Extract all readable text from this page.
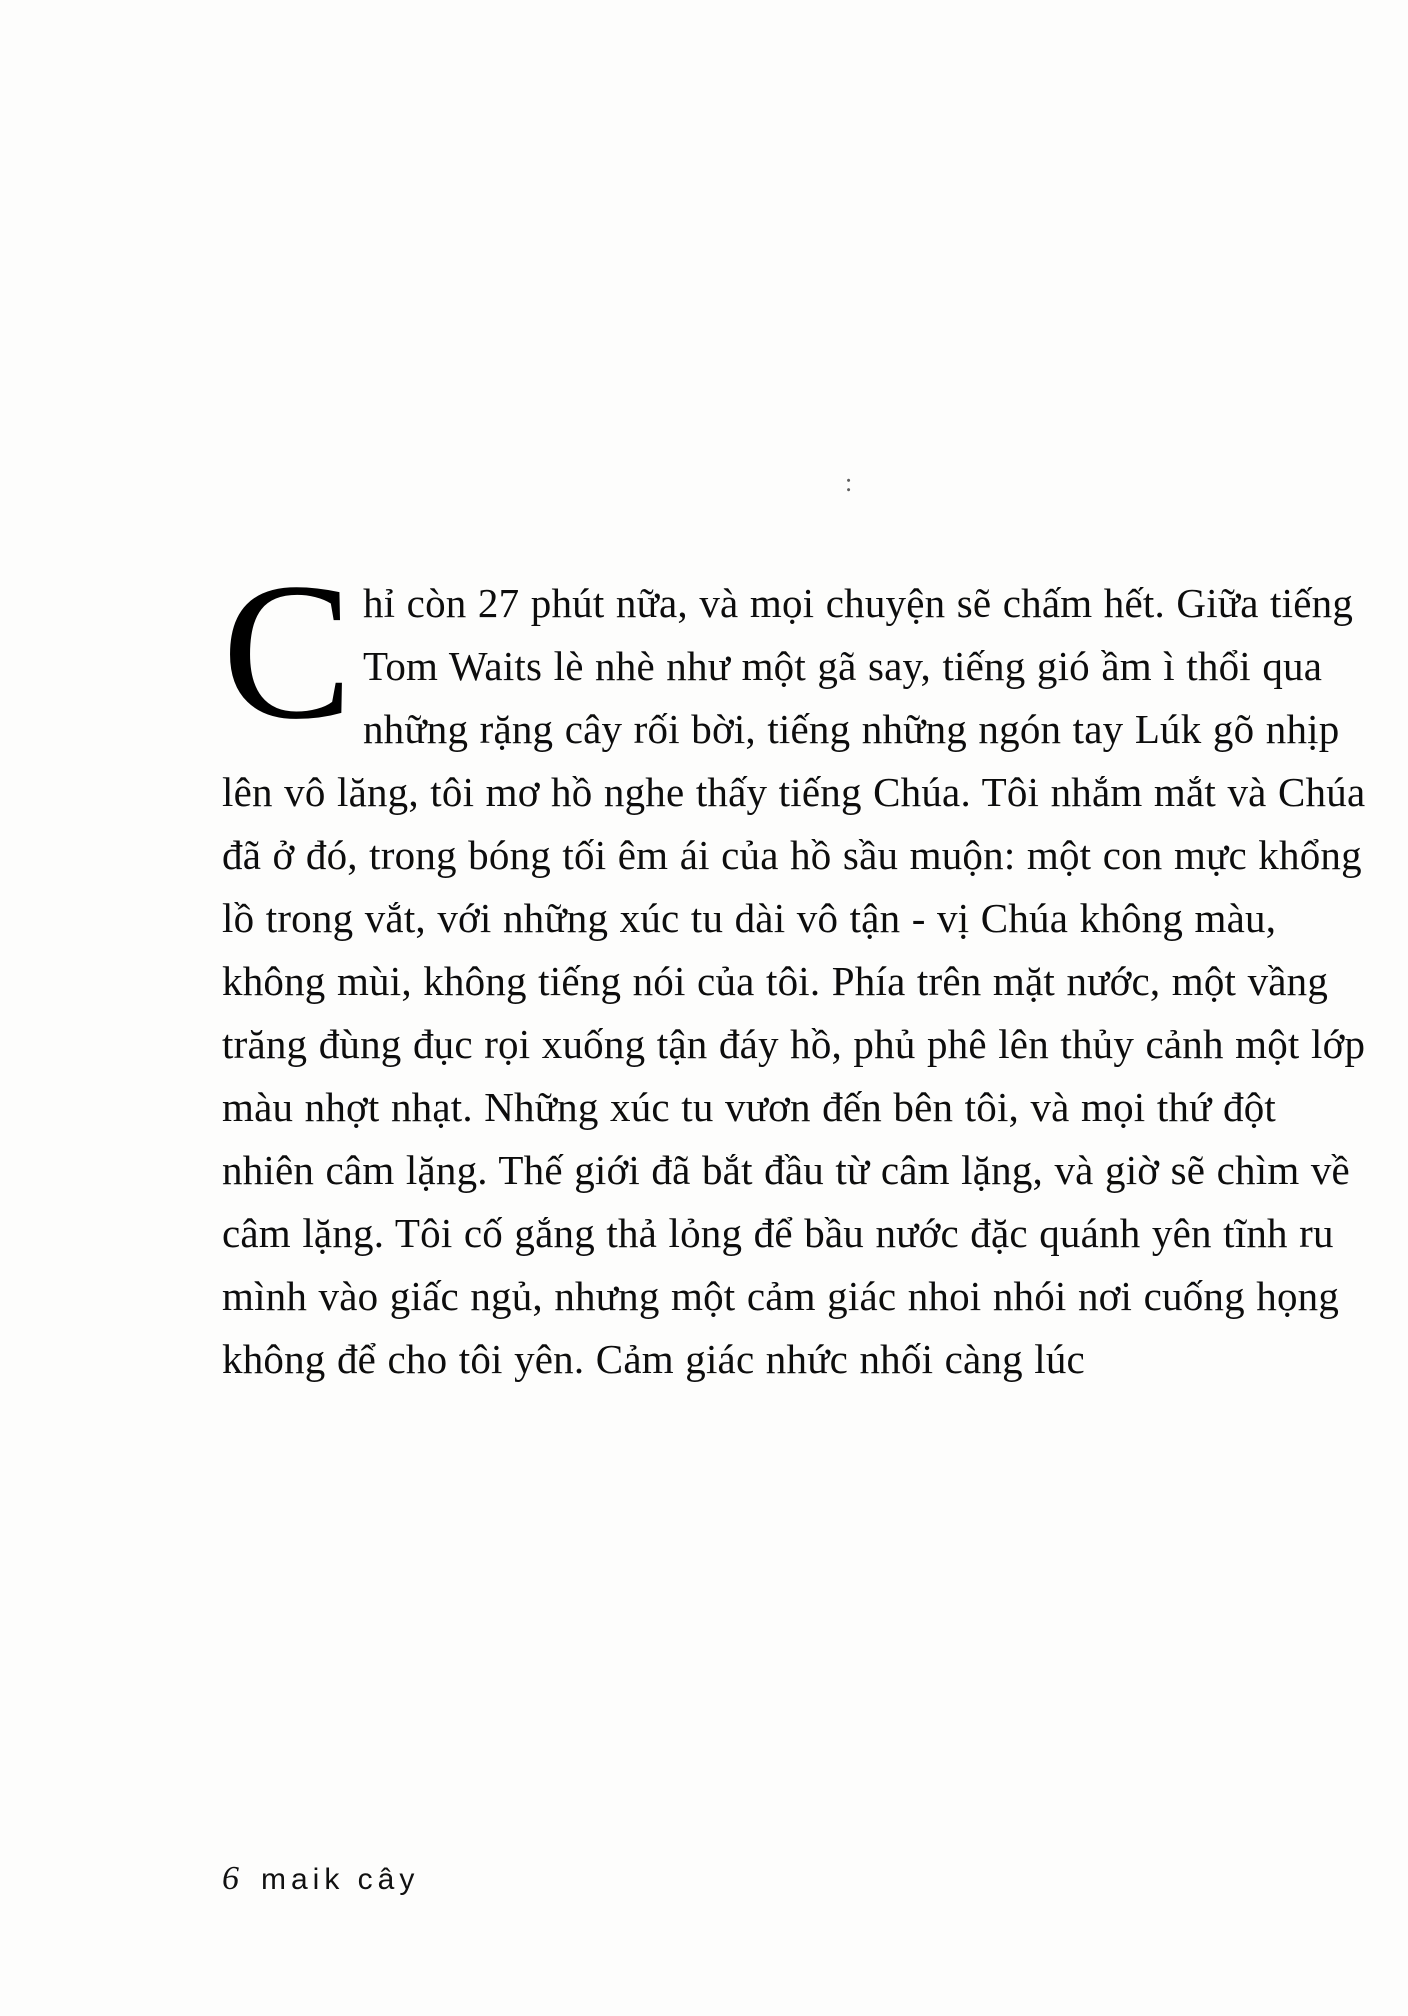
:
C hỉ còn 27 phút nữa, và mọi chuyện sẽ chấm hết. Giữa tiếng Tom Waits lè nhè như một gã say, tiếng gió ầm ì thổi qua những rặng cây rối bời, tiếng những ngón tay Lúk gõ nhịp lên vô lăng, tôi mơ hồ nghe thấy tiếng Chúa. Tôi nhắm mắt và Chúa đã ở đó, trong bóng tối êm ái của hồ sầu muộn: một con mực khổng lồ trong vắt, với những xúc tu dài vô tận - vị Chúa không màu, không mùi, không tiếng nói của tôi. Phía trên mặt nước, một vầng trăng đùng đục rọi xuống tận đáy hồ, phủ phê lên thủy cảnh một lớp màu nhợt nhạt. Những xúc tu vươn đến bên tôi, và mọi thứ đột nhiên câm lặng. Thế giới đã bắt đầu từ câm lặng, và giờ sẽ chìm về câm lặng. Tôi cố gắng thả lỏng để bầu nước đặc quánh yên tĩnh ru mình vào giấc ngủ, nhưng một cảm giác nhoi nhói nơi cuống họng không để cho tôi yên. Cảm giác nhức nhối càng lúc

6 maik cây
